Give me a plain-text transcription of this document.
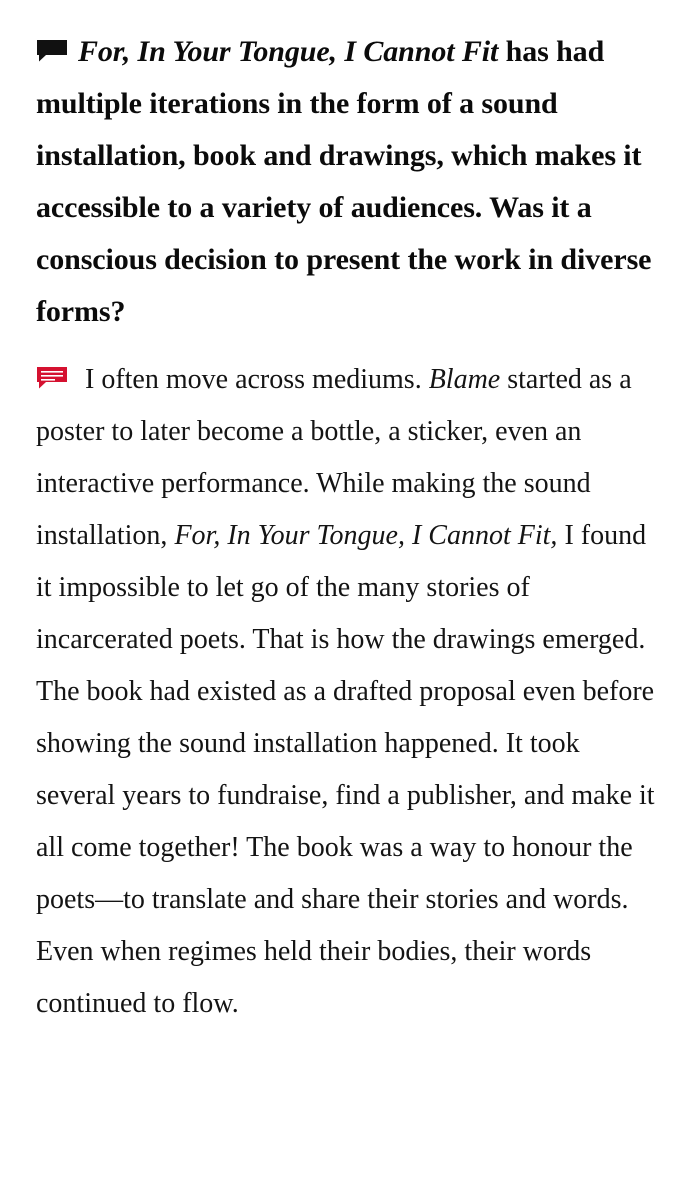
For, In Your Tongue, I Cannot Fit has had multiple iterations in the form of a sound installation, book and drawings, which makes it accessible to a variety of audiences. Was it a conscious decision to present the work in diverse forms?

I often move across mediums. Blame started as a poster to later become a bottle, a sticker, even an interactive performance. While making the sound installation, For, In Your Tongue, I Cannot Fit, I found it impossible to let go of the many stories of incarcerated poets. That is how the drawings emerged. The book had existed as a drafted proposal even before showing the sound installation happened. It took several years to fundraise, find a publisher, and make it all come together! The book was a way to honour the poets—to translate and share their stories and words. Even when regimes held their bodies, their words continued to flow.
